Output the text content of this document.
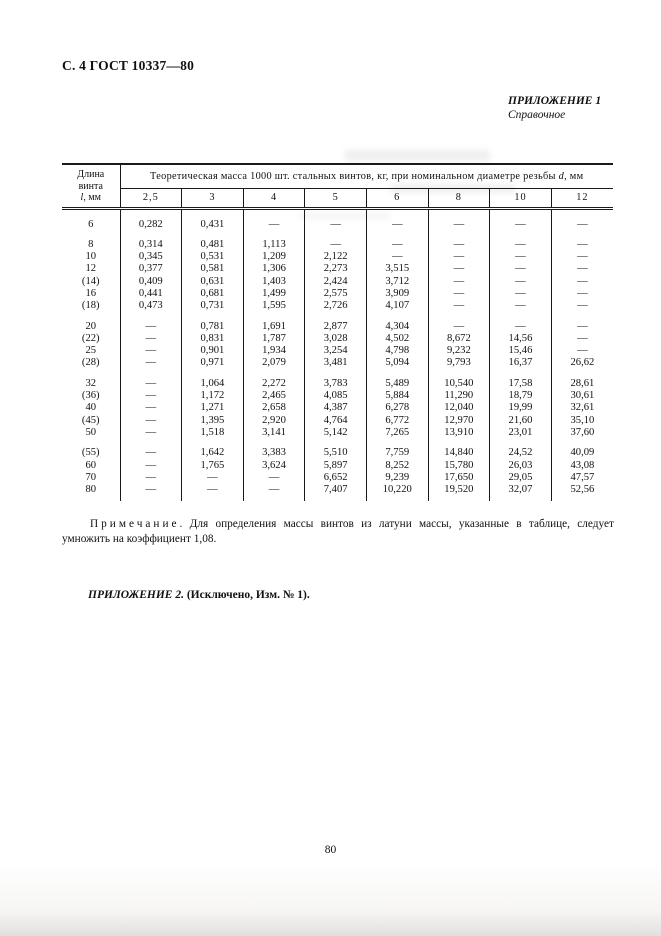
С. 4 ГОСТ 10337—80
ПРИЛОЖЕНИЕ 1
Справочное
Длина винта
l, мм	Теоретическая масса 1000 шт. стальных винтов, кг, при номинальном диаметре резьбы d, мм							
	2,5	3	4	5	6	8	10	12
6	0,282	0,431	—	—	—	—	—	—
8	0,314	0,481	1,113	—	—	—	—	—
10	0,345	0,531	1,209	2,122	—	—	—	—
12	0,377	0,581	1,306	2,273	3,515	—	—	—
(14)	0,409	0,631	1,403	2,424	3,712	—	—	—
16	0,441	0,681	1,499	2,575	3,909	—	—	—
(18)	0,473	0,731	1,595	2,726	4,107	—	—	—
20	—	0,781	1,691	2,877	4,304	—	—	—
(22)	—	0,831	1,787	3,028	4,502	8,672	14,56	—
25	—	0,901	1,934	3,254	4,798	9,232	15,46	—
(28)	—	0,971	2,079	3,481	5,094	9,793	16,37	26,62
32	—	1,064	2,272	3,783	5,489	10,540	17,58	28,61
(36)	—	1,172	2,465	4,085	5,884	11,290	18,79	30,61
40	—	1,271	2,658	4,387	6,278	12,040	19,99	32,61
(45)	—	1,395	2,920	4,764	6,772	12,970	21,60	35,10
50	—	1,518	3,141	5,142	7,265	13,910	23,01	37,60
(55)	—	1,642	3,383	5,510	7,759	14,840	24,52	40,09
60	—	1,765	3,624	5,897	8,252	15,780	26,03	43,08
70	—	—	—	6,652	9,239	17,650	29,05	47,57
80	—	—	—	7,407	10,220	19,520	32,07	52,56

Примечание. Для определения массы винтов из латуни массы, указанные в таблице, следует умножить на коэффициент 1,08.

ПРИЛОЖЕНИЕ 2. (Исключено, Изм. № 1).
80
